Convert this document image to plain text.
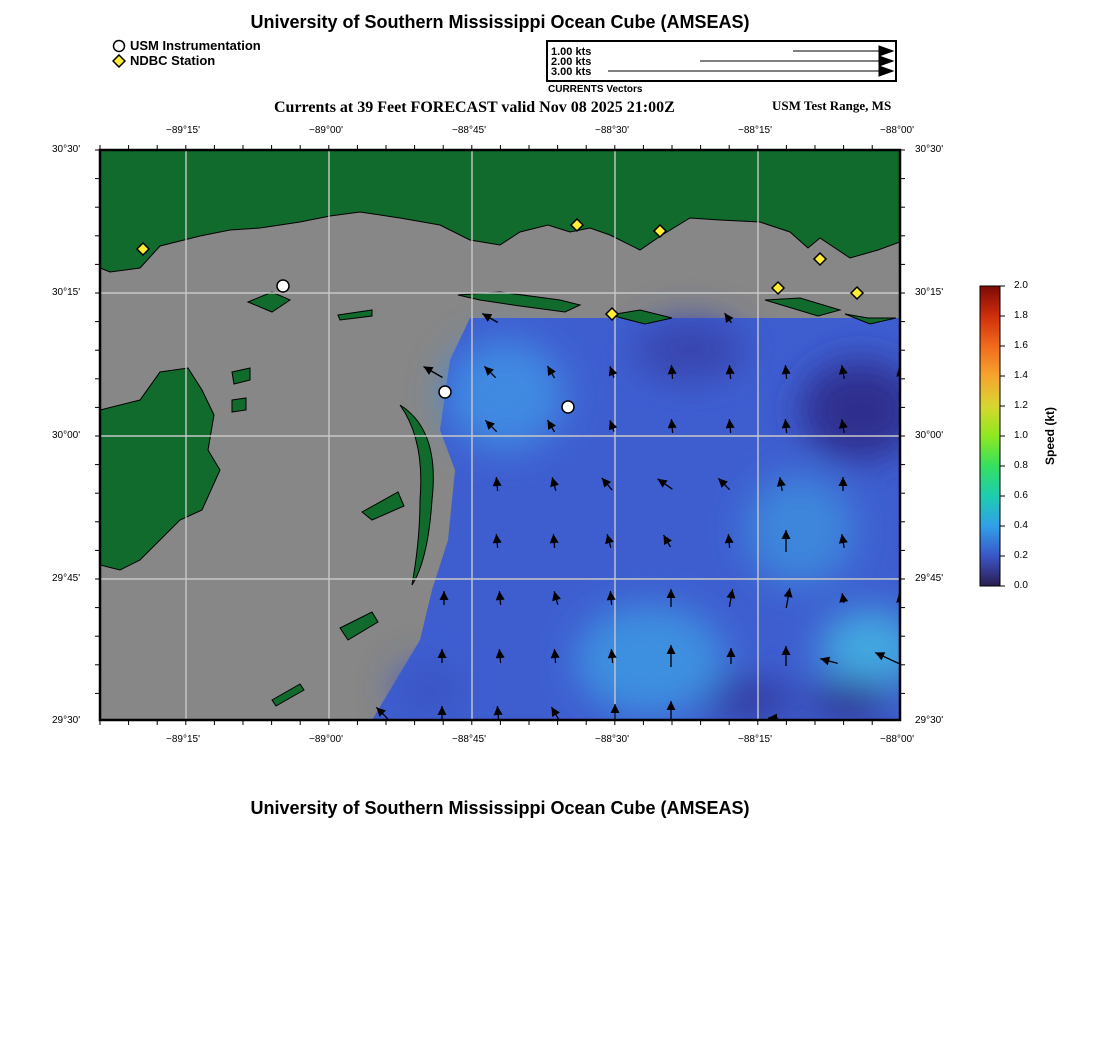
University of Southern Mississippi Ocean Cube (AMSEAS)
USM Instrumentation
NDBC Station
1.00 kts
2.00 kts
3.00 kts
CURRENTS Vectors
Currents at 39 Feet FORECAST valid Nov 08 2025 21:00Z	USM Test Range, MS
−89°15'	−89°00'	−88°45'	−88°30'	−88°15'	−88°00'
−89°15'	−89°00'	−88°45'	−88°30'	−88°15'	−88°00'
30°30'
30°15'
30°00'
29°45'
29°30'
30°30'
30°15'
30°00'
29°45'
29°30'
2.0
1.8
1.6
1.4
1.2
1.0
0.8
0.6
0.4
0.2
0.0
Speed (kt)
University of Southern Mississippi Ocean Cube (AMSEAS)
